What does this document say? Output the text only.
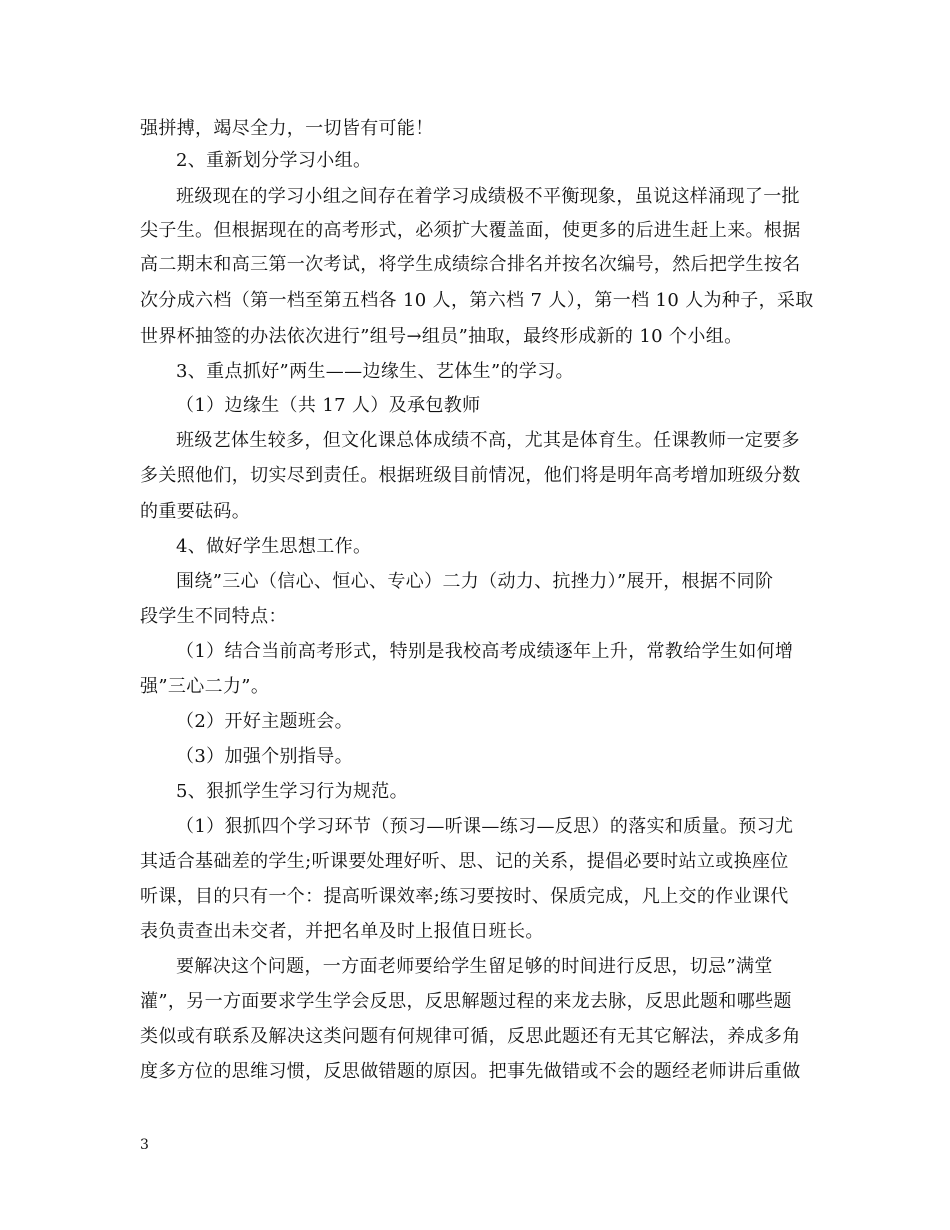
强拼搏，竭尽全力，一切皆有可能！
2、重新划分学习小组。
班级现在的学习小组之间存在着学习成绩极不平衡现象，虽说这样涌现了一批
尖子生。但根据现在的高考形式，必须扩大覆盖面，使更多的后进生赶上来。根据
高二期末和高三第一次考试，将学生成绩综合排名并按名次编号，然后把学生按名
次分成六档（第一档至第五档各 10 人，第六档 7 人），第一档 10 人为种子，采取
世界杯抽签的办法依次进行”组号→组员”抽取，最终形成新的 10 个小组。
3、重点抓好”两生——边缘生、艺体生”的学习。
（1）边缘生（共 17 人）及承包教师
班级艺体生较多，但文化课总体成绩不高，尤其是体育生。任课教师一定要多
多关照他们，切实尽到责任。根据班级目前情况，他们将是明年高考增加班级分数
的重要砝码。
4、做好学生思想工作。
围绕”三心（信心、恒心、专心）二力（动力、抗挫力）”展开，根据不同阶
段学生不同特点：
（1）结合当前高考形式，特别是我校高考成绩逐年上升，常教给学生如何增
强”三心二力”。
（2）开好主题班会。
（3）加强个别指导。
5、狠抓学生学习行为规范。
（1）狠抓四个学习环节（预习—听课—练习—反思）的落实和质量。预习尤
其适合基础差的学生;听课要处理好听、思、记的关系，提倡必要时站立或换座位
听课，目的只有一个：提高听课效率;练习要按时、保质完成，凡上交的作业课代
表负责查出未交者，并把名单及时上报值日班长。
要解决这个问题，一方面老师要给学生留足够的时间进行反思，切忌”满堂
灌”，另一方面要求学生学会反思，反思解题过程的来龙去脉，反思此题和哪些题
类似或有联系及解决这类问题有何规律可循，反思此题还有无其它解法，养成多角
度多方位的思维习惯，反思做错题的原因。把事先做错或不会的题经老师讲后重做
3
